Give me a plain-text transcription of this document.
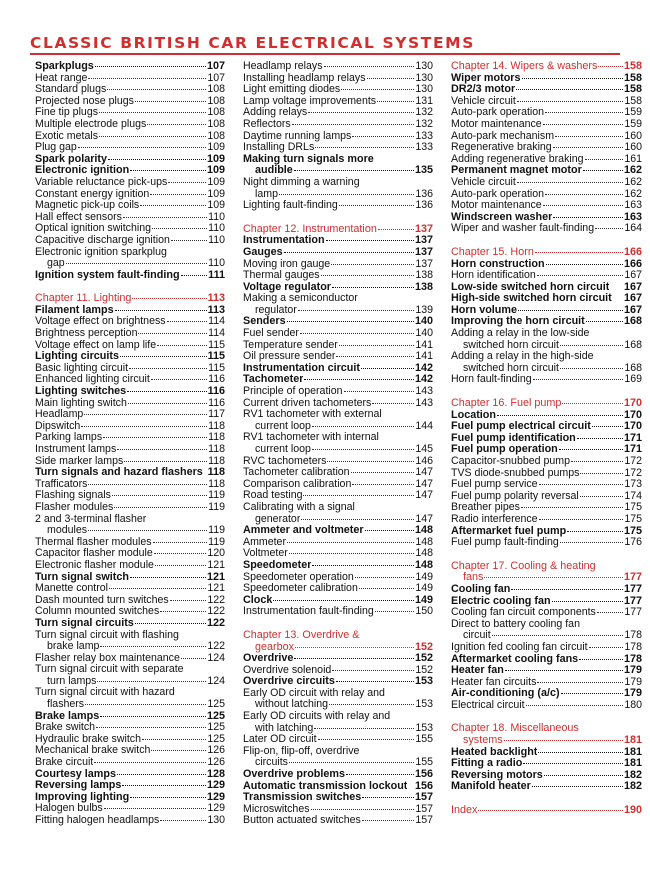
CLASSIC BRITISH CAR ELECTRICAL SYSTEMS
Sparkplugs	107
Heat range	107
Standard plugs	108
Projected nose plugs	108
Fine tip plugs	108
Multiple electrode plugs	108
Exotic metals	108
Plug gap	109
Spark polarity	109
Electronic ignition	109
Variable reluctance pick-ups	109
Constant energy ignition	109
Magnetic pick-up coils	109
Hall effect sensors	110
Optical ignition switching	110
Capacitive discharge ignition	110
Electronic ignition sparkplug
gap	110
Ignition system fault-finding	111
Chapter 11. Lighting	113
Filament lamps	113
Voltage effect on brightness	114
Brightness perception	114
Voltage effect on lamp life	115
Lighting circuits	115
Basic lighting circuit	115
Enhanced lighting circuit	116
Lighting switches	116
Main lighting switch	116
Headlamp	117
Dipswitch	118
Parking lamps	118
Instrument lamps	118
Side marker lamps	118
Turn signals and hazard flashers 118
Trafficators	118
Flashing signals	119
Flasher modules	119
2 and 3-terminal flasher
modules	119
Thermal flasher modules	119
Capacitor flasher module	120
Electronic flasher module	121
Turn signal switch	121
Manette control	121
Dash mounted turn switches	122
Column mounted switches	122
Turn signal circuits	122
Turn signal circuit with flashing
brake lamp	122
Flasher relay box maintenance	124
Turn signal circuit with separate
turn lamps	124
Turn signal circuit with hazard
flashers	125
Brake lamps	125
Brake switch	125
Hydraulic brake switch	125
Mechanical brake switch	126
Brake circuit	126
Courtesy lamps	128
Reversing lamps	129
Improving lighting	129
Halogen bulbs	129
Fitting halogen headlamps	130
Headlamp relays	130
Installing headlamp relays	130
Light emitting diodes	130
Lamp voltage improvements	131
Adding relays	132
Reflectors	132
Daytime running lamps	133
Installing DRLs	133
Making turn signals more
audible	135
Night dimming a warning
lamp	136
Lighting fault-finding	136
Chapter 12. Instrumentation	137
Instrumentation	137
Gauges	137
Moving iron gauge	137
Thermal gauges	138
Voltage regulator	138
Making a semiconductor
regulator	139
Senders	140
Fuel sender	140
Temperature sender	141
Oil pressure sender	141
Instrumentation circuit	142
Tachometer	142
Principle of operation	143
Current driven tachometers	143
RV1 tachometer with external
current loop	144
RV1 tachometer with internal
current loop	145
RVC tachometers	146
Tachometer calibration	147
Comparison calibration	147
Road testing	147
Calibrating with a signal
generator	147
Ammeter and voltmeter	148
Ammeter	148
Voltmeter	148
Speedometer	148
Speedometer operation	149
Speedometer calibration	149
Clock	149
Instrumentation fault-finding	150
Chapter 13. Overdrive &
gearbox	152
Overdrive	152
Overdrive solenoid	152
Overdrive circuits	153
Early OD circuit with relay and
without latching	153
Early OD circuits with relay and
with latching	153
Later OD circuit	155
Flip-on, flip-off, overdrive
circuits	155
Overdrive problems	156
Automatic transmission lockout 156
Transmission switches	157
Microswitches	157
Button actuated switches	157
Chapter 14. Wipers & washers 158
Wiper motors	158
DR2/3 motor	158
Vehicle circuit	158
Auto-park operation	159
Motor maintenance	159
Auto-park mechanism	160
Regenerative braking	160
Adding regenerative braking	161
Permanent magnet motor	162
Vehicle circuit	162
Auto-park operation	162
Motor maintenance	163
Windscreen washer	163
Wiper and washer fault-finding	164
Chapter 15. Horn	166
Horn construction	166
Horn identification	167
Low-side switched horn circuit 167
High-side switched horn circuit 167
Horn volume	167
Improving the horn circuit	168
Adding a relay in the low-side
switched horn circuit	168
Adding a relay in the high-side
switched horn circuit	168
Horn fault-finding	169
Chapter 16. Fuel pump	170
Location	170
Fuel pump electrical circuit	170
Fuel pump identification	171
Fuel pump operation	171
Capacitor-snubbed pump	172
TVS diode-snubbed pumps	172
Fuel pump service	173
Fuel pump polarity reversal	174
Breather pipes	175
Radio interference	175
Aftermarket fuel pump	175
Fuel pump fault-finding	176
Chapter 17. Cooling & heating
fans	177
Cooling fan	177
Electric cooling fan	177
Cooling fan circuit components	177
Direct to battery cooling fan
circuit	178
Ignition fed cooling fan circuit	178
Aftermarket cooling fans	178
Heater fan	179
Heater fan circuits	179
Air-conditioning (a/c)	179
Electrical circuit	180
Chapter 18. Miscellaneous
systems	181
Heated backlight	181
Fitting a radio	181
Reversing motors	182
Manifold heater	182
Index	190
